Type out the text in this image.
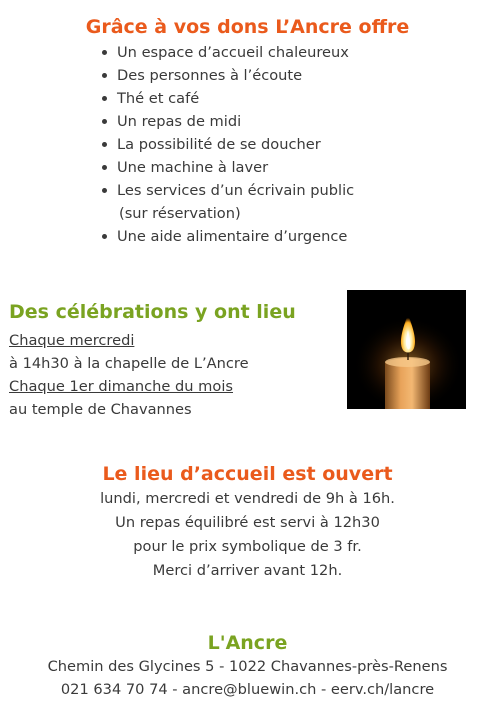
Grâce à vos dons L’Ancre offre
Un espace d’accueil chaleureux
Des personnes à l’écoute
Thé et café
Un repas de midi
La possibilité de se doucher
Une machine à laver
Les services d’un écrivain public
(sur réservation)
Une aide alimentaire d’urgence
Des célébrations y ont lieu
Chaque mercredi
à 14h30 à la chapelle de L’Ancre
Chaque 1er dimanche du mois
au temple de Chavannes
Le lieu d’accueil est ouvert
lundi, mercredi et vendredi de 9h à 16h.
Un repas équilibré est servi à 12h30
pour le prix symbolique de 3 fr.
Merci d’arriver avant 12h.
L'Ancre
Chemin des Glycines 5 - 1022 Chavannes-près-Renens
021 634 70 74 - ancre@bluewin.ch - eerv.ch/lancre
